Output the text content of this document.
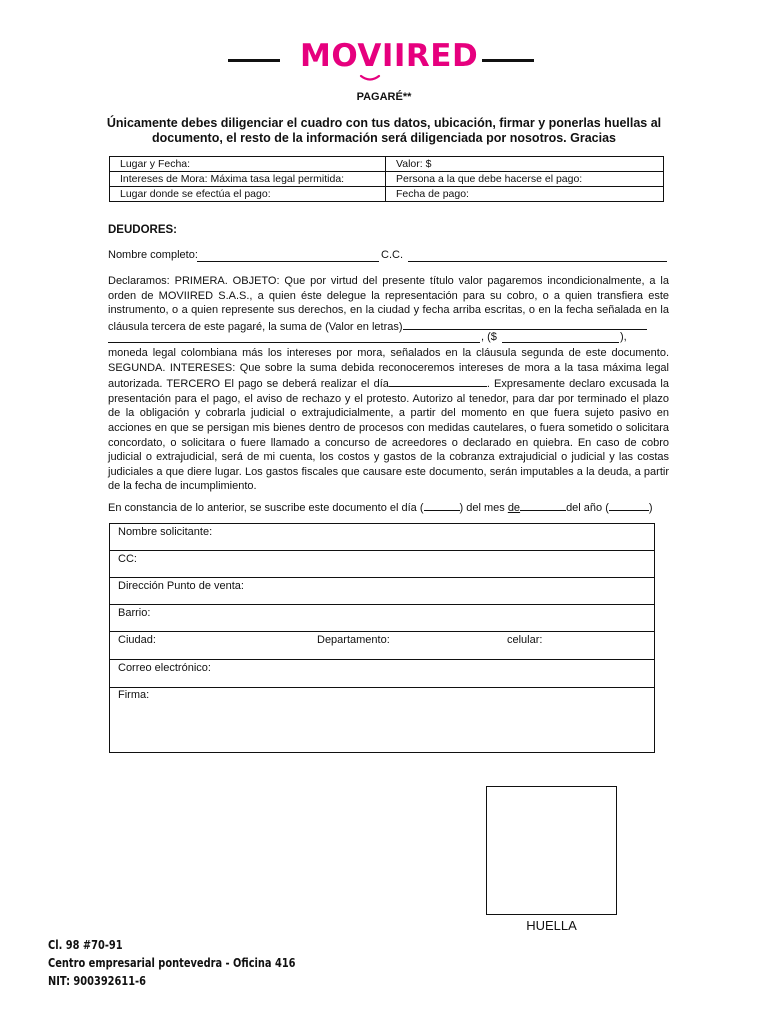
MOVIIRED
PAGARÉ**
Únicamente debes diligenciar el cuadro con tus datos, ubicación, firmar y ponerlas huellas al documento, el resto de la información será diligenciada por nosotros. Gracias
Lugar y Fecha:	Valor: $
Intereses de Mora: Máxima tasa legal permitida:	Persona a la que debe hacerse el pago:
Lugar donde se efectúa el pago:	Fecha de pago:
DEUDORES:
Nombre completo:	C.C.
Declaramos: PRIMERA. OBJETO: Que por virtud del presente título valor pagaremos incondicionalmente, a la orden de MOVIIRED S.A.S., a quien éste delegue la representación para su cobro, o a quien transfiera este instrumento, o a quien represente sus derechos, en la ciudad y fecha arriba escritas, o en la fecha señalada en la cláusula tercera de este pagaré, la suma de (Valor en letras)
, ($	),
moneda legal colombiana más los intereses por mora, señalados en la cláusula segunda de este documento. SEGUNDA. INTERESES: Que sobre la suma debida reconoceremos intereses de mora a la tasa máxima legal autorizada. TERCERO El pago se deberá realizar el día	. Expresamente declaro excusada la presentación para el pago, el aviso de rechazo y el protesto. Autorizo al tenedor, para dar por terminado el plazo de la obligación y cobrarla judicial o extrajudicialmente, a partir del momento en que fuera sujeto pasivo en acciones en que se persigan mis bienes dentro de procesos con medidas cautelares, o fuera sometido o solicitara concordato, o solicitara o fuere llamado a concurso de acreedores o declarado en quiebra. En caso de cobro judicial o extrajudicial, será de mi cuenta, los costos y gastos de la cobranza extrajudicial o judicial y las costas judiciales a que diere lugar. Los gastos fiscales que causare este documento, serán imputables a la deuda, a partir de la fecha de incumplimiento.
En constancia de lo anterior, se suscribe este documento el día (	) del mes de	del año (	)
Nombre solicitante:
CC:
Dirección Punto de venta:
Barrio:
Ciudad:	Departamento:	celular:
Correo electrónico:
Firma:
HUELLA
Cl. 98 #70-91
Centro empresarial pontevedra - Oficina 416
NIT: 900392611-6
